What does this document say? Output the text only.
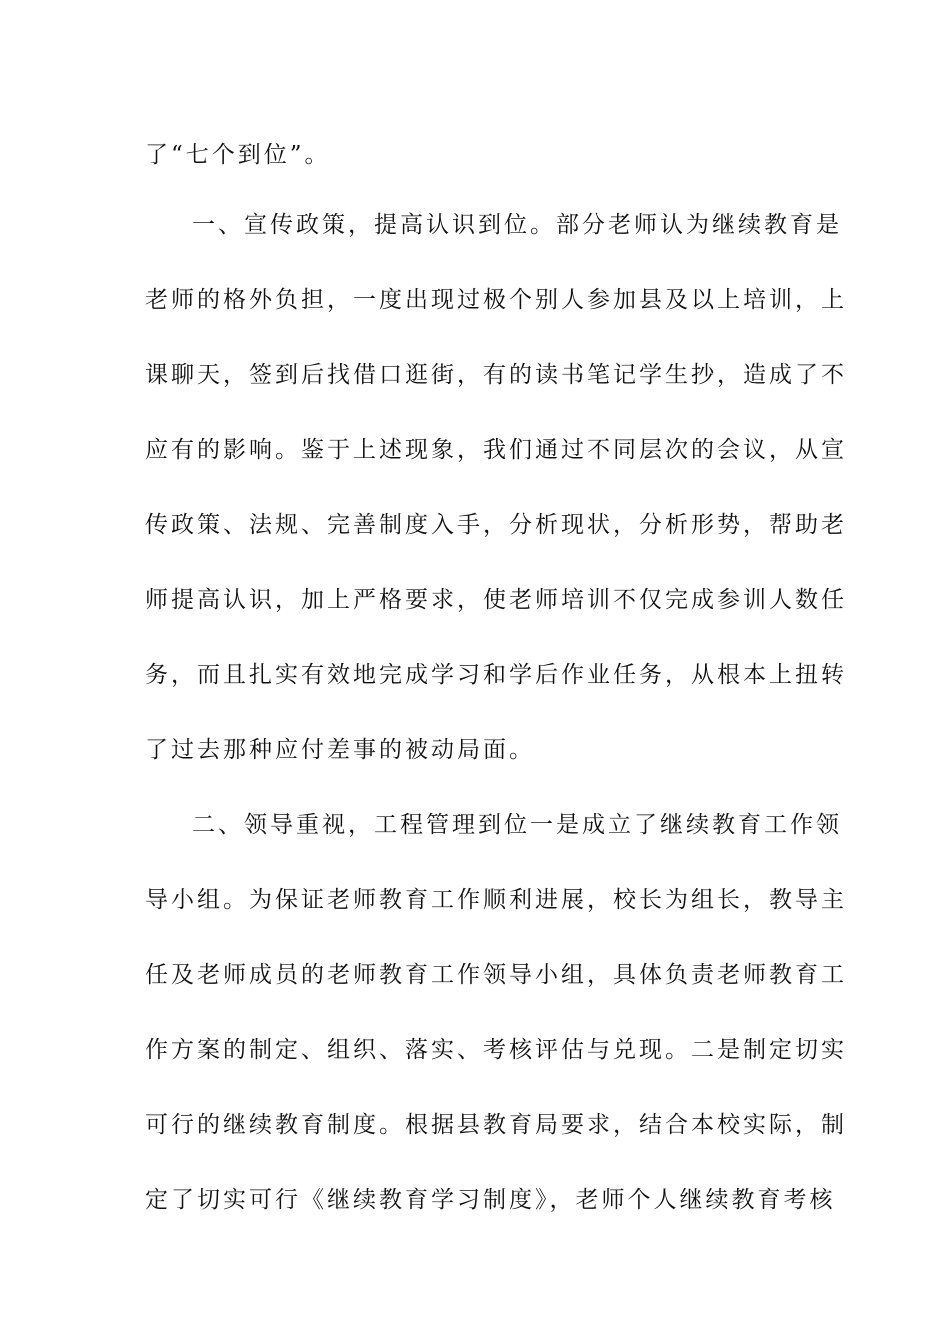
了“七个到位”。
一、宣传政策，提高认识到位。部分老师认为继续教育是
老师的格外负担，一度出现过极个别人参加县及以上培训，上
课聊天，签到后找借口逛街，有的读书笔记学生抄，造成了不
应有的影响。鉴于上述现象，我们通过不同层次的会议，从宣
传政策、法规、完善制度入手，分析现状，分析形势，帮助老
师提高认识，加上严格要求，使老师培训不仅完成参训人数任
务，而且扎实有效地完成学习和学后作业任务，从根本上扭转
了过去那种应付差事的被动局面。
二、领导重视，工程管理到位一是成立了继续教育工作领
导小组。为保证老师教育工作顺利进展，校长为组长，教导主
任及老师成员的老师教育工作领导小组，具体负责老师教育工
作方案的制定、组织、落实、考核评估与兑现。二是制定切实
可行的继续教育制度。根据县教育局要求，结合本校实际，制
定了切实可行《继续教育学习制度》，老师个人继续教育考核
